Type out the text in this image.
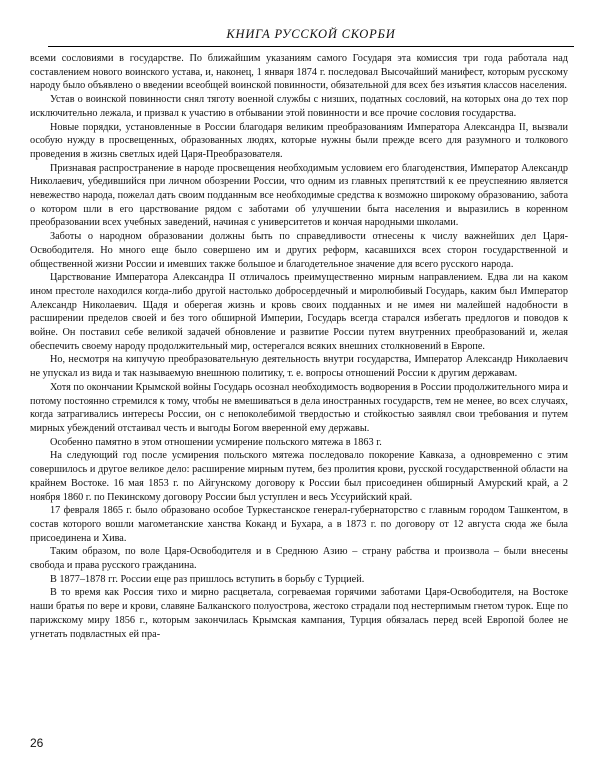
КНИГА РУССКОЙ СКОРБИ

всеми сословиями в государстве. По ближайшим указаниям самого Государя эта комиссия три года работала над составлением нового воинского устава, и, наконец, 1 января 1874 г. последовал Высочайший манифест, которым русскому народу было объявлено о введении всеобщей воинской повинности, обязательной для всех без изъятия классов населения.

Устав о воинской повинности снял тяготу военной службы с низших, податных сословий, на которых она до тех пор исключительно лежала, и призвал к участию в отбывании этой повинности и все прочие сословия государства.

Новые порядки, установленные в России благодаря великим преобразованиям Императора Александра II, вызвали особую нужду в просвещенных, образованных людях, которые нужны были прежде всего для разумного и толкового проведения в жизнь светлых идей Царя-Преобразователя.

Признавая распространение в народе просвещения необходимым условием его благоденствия, Император Александр Николаевич, убедившийся при личном обозрении России, что одним из главных препятствий к ее преуспеянию является невежество народа, пожелал дать своим подданным все необходимые средства к возможно широкому образованию, забота о котором шли в его царствование рядом с заботами об улучшении быта населения и выразились в коренном преобразовании всех учебных заведений, начиная с университетов и кончая народными школами.

Заботы о народном образовании должны быть по справедливости отнесены к числу важнейших дел Царя-Освободителя. Но много еще было совершено им и других реформ, касавшихся всех сторон государственной и общественной жизни России и имевших также большое и благодетельное значение для всего русского народа.

Царствование Императора Александра II отличалось преимущественно мирным направлением. Едва ли на каком ином престоле находился когда-либо другой настолько добросердечный и миролюбивый Государь, каким был Император Александр Николаевич. Щадя и оберегая жизнь и кровь своих подданных и не имея ни малейшей надобности в расширении пределов своей и без того обширной Империи, Государь всегда старался избегать предлогов и поводов к войне. Он поставил себе великой задачей обновление и развитие России путем внутренних преобразований и, желая обеспечить своему народу продолжительный мир, остерегался всяких внешних столкновений в Европе.

Но, несмотря на кипучую преобразовательную деятельность внутри государства, Император Александр Николаевич не упускал из вида и так называемую внешнюю политику, т. е. вопросы отношений России к другим державам.

Хотя по окончании Крымской войны Государь осознал необходимость водворения в России продолжительного мира и потому постоянно стремился к тому, чтобы не вмешиваться в дела иностранных государств, тем не менее, во всех случаях, когда затрагивались интересы России, он с непоколебимой твердостью и стойкостью заявлял свои требования и путем мирных убеждений отстаивал честь и выгоды Богом вверенной ему державы.

Особенно памятно в этом отношении усмирение польского мятежа в 1863 г.

На следующий год после усмирения польского мятежа последовало покорение Кавказа, а одновременно с этим совершилось и другое великое дело: расширение мирным путем, без пролития крови, русской государственной области на крайнем Востоке. 16 мая 1853 г. по Айгунскому договору к России был присоединен обширный Амурский край, а 2 ноября 1860 г. по Пекинскому договору России был уступлен и весь Уссурийский край.

17 февраля 1865 г. было образовано особое Туркестанское генерал-губернаторство с главным городом Ташкентом, в состав которого вошли магометанские ханства Коканд и Бухара, а в 1873 г. по договору от 12 августа сюда же была присоединена и Хива.

Таким образом, по воле Царя-Освободителя и в Среднюю Азию – страну рабства и произвола – были внесены свобода и права русского гражданина.

В 1877–1878 гг. России еще раз пришлось вступить в борьбу с Турцией.

В то время как Россия тихо и мирно расцветала, согреваемая горячими заботами Царя-Освободителя, на Востоке наши братья по вере и крови, славяне Балканского полуострова, жестоко страдали под нестерпимым гнетом турок. Еще по парижскому миру 1856 г., которым закончилась Крымская кампания, Турция обязалась перед всей Европой более не угнетать подвластных ей пра-

26
